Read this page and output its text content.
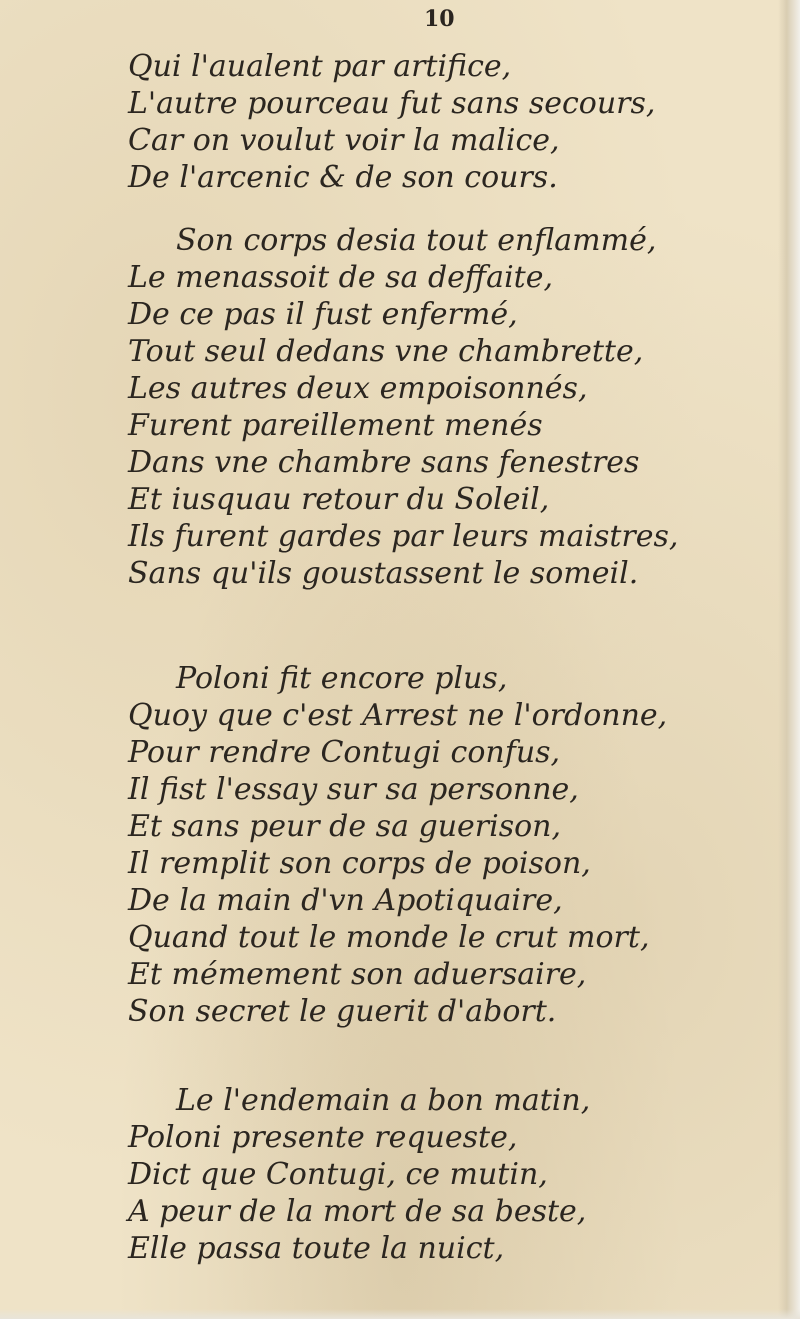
10
Qui l'aualent par artifice,
L'autre pourceau fut sans secours,
Car on voulut voir la malice,
De l'arcenic & de son cours.
Son corps desia tout enflammé,
Le menassoit de sa deffaite,
De ce pas il fust enfermé,
Tout seul dedans vne chambrette,
Les autres deux empoisonnés,
Furent pareillement menés
Dans vne chambre sans fenestres
Et iusquau retour du Soleil,
Ils furent gardes par leurs maistres,
Sans qu'ils goustassent le someil.
Poloni fit encore plus,
Quoy que c'est Arrest ne l'ordonne,
Pour rendre Contugi confus,
Il fist l'essay sur sa personne,
Et sans peur de sa guerison,
Il remplit son corps de poison,
De la main d'vn Apotiquaire,
Quand tout le monde le crut mort,
Et mémement son aduersaire,
Son secret le guerit d'abort.
Le l'endemain a bon matin,
Poloni presente requeste,
Dict que Contugi, ce mutin,
A peur de la mort de sa beste,
Elle passa toute la nuict,
